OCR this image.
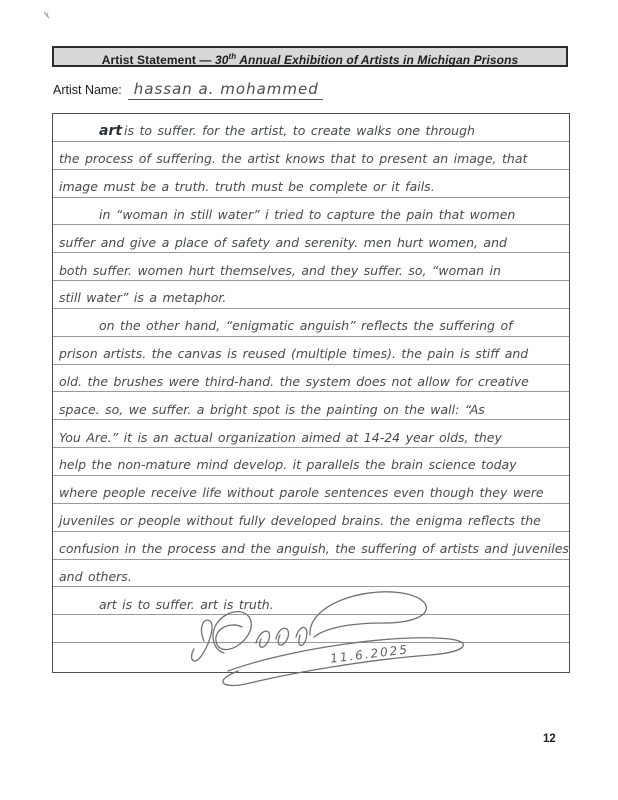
Artist Statement — 30th Annual Exhibition of Artists in Michigan Prisons
Artist Name: hassan a. mohammed
art is to suffer. for the artist, to create walks one through
the process of suffering. the artist knows that to present an image, that
image must be a truth. truth must be complete or it fails.
in “woman in still water” i tried to capture the pain that women
suffer and give a place of safety and serenity. men hurt women, and
both suffer. women hurt themselves, and they suffer. so, “woman in
still water” is a metaphor.
on the other hand, “enigmatic anguish” reflects the suffering of
prison artists. the canvas is reused (multiple times). the pain is stiff and
old. the brushes were third-hand. the system does not allow for creative
space. so, we suffer. a bright spot is the painting on the wall: “As
You Are.” it is an actual organization aimed at 14-24 year olds, they
help the non-mature mind develop. it parallels the brain science today
where people receive life without parole sentences even though they were
juveniles or people without fully developed brains. the enigma reflects the
confusion in the process and the anguish, the suffering of artists and juveniles
and others.
art is to suffer. art is truth.
11.6.2025
12
